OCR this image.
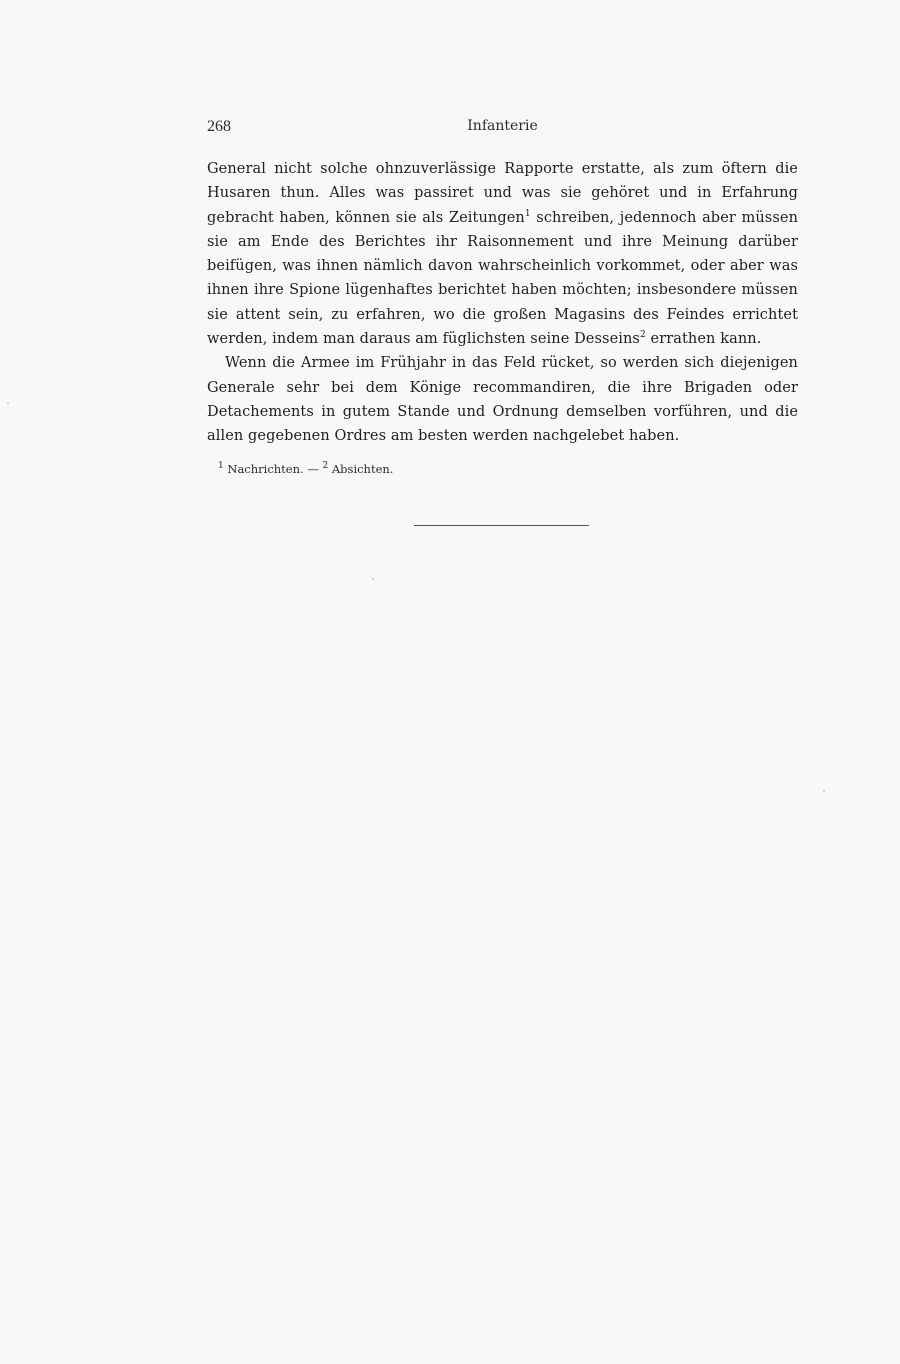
268	Infanterie

General nicht solche ohnzuverlässige Rapporte erstatte, als zum öftern die Husaren thun. Alles was passiret und was sie gehöret und in Erfahrung gebracht haben, können sie als Zeitungen$^1$ schreiben, jedennoch aber müssen sie am Ende des Berichtes ihr Raisonnement und ihre Meinung darüber beifügen, was ihnen nämlich davon wahrscheinlich vorkommet, oder aber was ihnen ihre Spione lügenhaftes berichtet haben möchten; insbesondere müssen sie attent sein, zu erfahren, wo die großen Magasins des Feindes errichtet werden, indem man daraus am füglichsten seine Desseins$^2$ errathen kann.

Wenn die Armee im Frühjahr in das Feld rücket, so werden sich diejenigen Generale sehr bei dem Könige recommandiren, die ihre Brigaden oder Detachements in gutem Stande und Ordnung demselben vorführen, und die allen gegebenen Ordres am besten werden nachgelebet haben.

$^1$ Nachrichten. — $^2$ Absichten.
